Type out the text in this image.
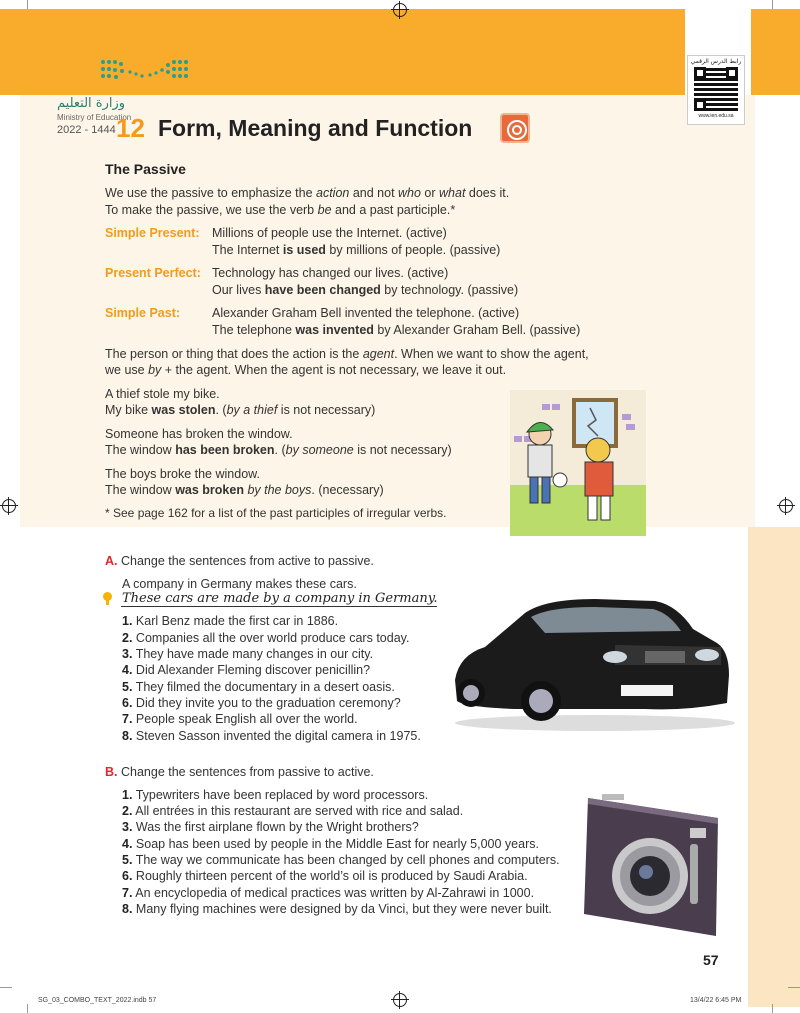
وزارة التعليم
Ministry of Education
2022 - 1444
رابط الدرس الرقمي
www.ien.edu.sa
12 Form, Meaning and Function
The Passive
We use the passive to emphasize the action and not who or what does it.
To make the passive, we use the verb be and a past participle.*
Simple Present: Millions of people use the Internet. (active)
The Internet is used by millions of people. (passive)
Present Perfect: Technology has changed our lives. (active)
Our lives have been changed by technology. (passive)
Simple Past:	Alexander Graham Bell invented the telephone. (active)
The telephone was invented by Alexander Graham Bell. (passive)
The person or thing that does the action is the agent. When we want to show the agent,
we use by + the agent. When the agent is not necessary, we leave it out.
A thief stole my bike.
My bike was stolen. (by a thief is not necessary)
Someone has broken the window.
The window has been broken. (by someone is not necessary)
The boys broke the window.
The window was broken by the boys. (necessary)
* See page 162 for a list of the past participles of irregular verbs.
A. Change the sentences from active to passive.
A company in Germany makes these cars.
These cars are made by a company in Germany.
1. Karl Benz made the first car in 1886.
2. Companies all the over world produce cars today.
3. They have made many changes in our city.
4. Did Alexander Fleming discover penicillin?
5. They filmed the documentary in a desert oasis.
6. Did they invite you to the graduation ceremony?
7. People speak English all over the world.
8. Steven Sasson invented the digital camera in 1975.
B. Change the sentences from passive to active.
1. Typewriters have been replaced by word processors.
2. All entrées in this restaurant are served with rice and salad.
3. Was the first airplane flown by the Wright brothers?
4. Soap has been used by people in the Middle East for nearly 5,000 years.
5. The way we communicate has been changed by cell phones and computers.
6. Roughly thirteen percent of the world’s oil is produced by Saudi Arabia.
7. An encyclopedia of medical practices was written by Al-Zahrawi in 1000.
8. Many flying machines were designed by da Vinci, but they were never built.
57
SG_03_COMBO_TEXT_2022.indb 57	13/4/22 6:45 PM
